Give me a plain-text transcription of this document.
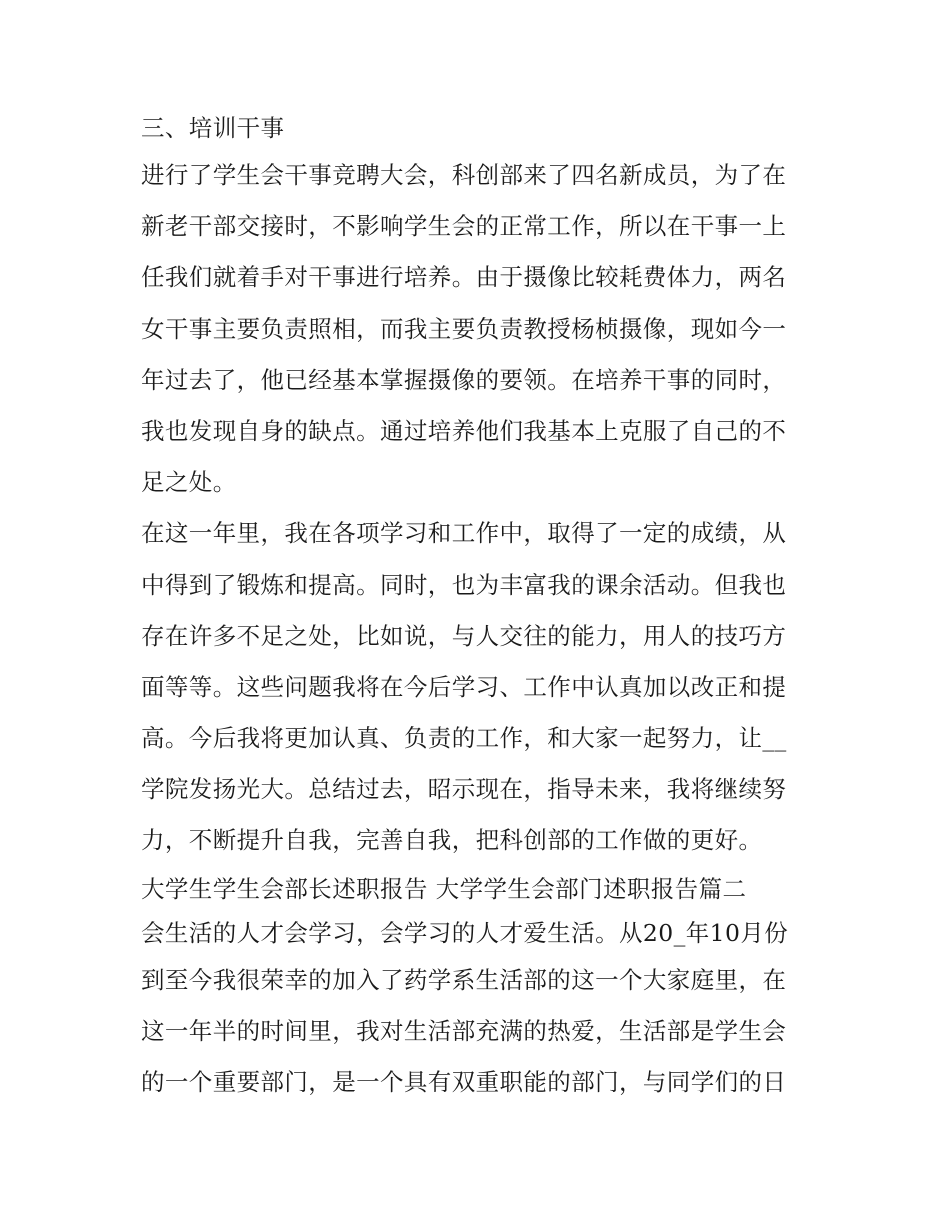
三、培训干事
进行了学生会干事竞聘大会，科创部来了四名新成员，为了在
新老干部交接时，不影响学生会的正常工作，所以在干事一上
任我们就着手对干事进行培养。由于摄像比较耗费体力，两名
女干事主要负责照相，而我主要负责教授杨桢摄像，现如今一
年过去了，他已经基本掌握摄像的要领。在培养干事的同时，
我也发现自身的缺点。通过培养他们我基本上克服了自己的不
足之处。
在这一年里，我在各项学习和工作中，取得了一定的成绩，从
中得到了锻炼和提高。同时，也为丰富我的课余活动。但我也
存在许多不足之处，比如说，与人交往的能力，用人的技巧方
面等等。这些问题我将在今后学习、工作中认真加以改正和提
高。今后我将更加认真、负责的工作，和大家一起努力，让__
学院发扬光大。总结过去，昭示现在，指导未来，我将继续努
力，不断提升自我，完善自我，把科创部的工作做的更好。
大学生学生会部长述职报告 大学学生会部门述职报告篇二
会生活的人才会学习，会学习的人才爱生活。从20_年10月份
到至今我很荣幸的加入了药学系生活部的这一个大家庭里，在
这一年半的时间里，我对生活部充满的热爱，生活部是学生会
的一个重要部门，是一个具有双重职能的部门，与同学们的日
